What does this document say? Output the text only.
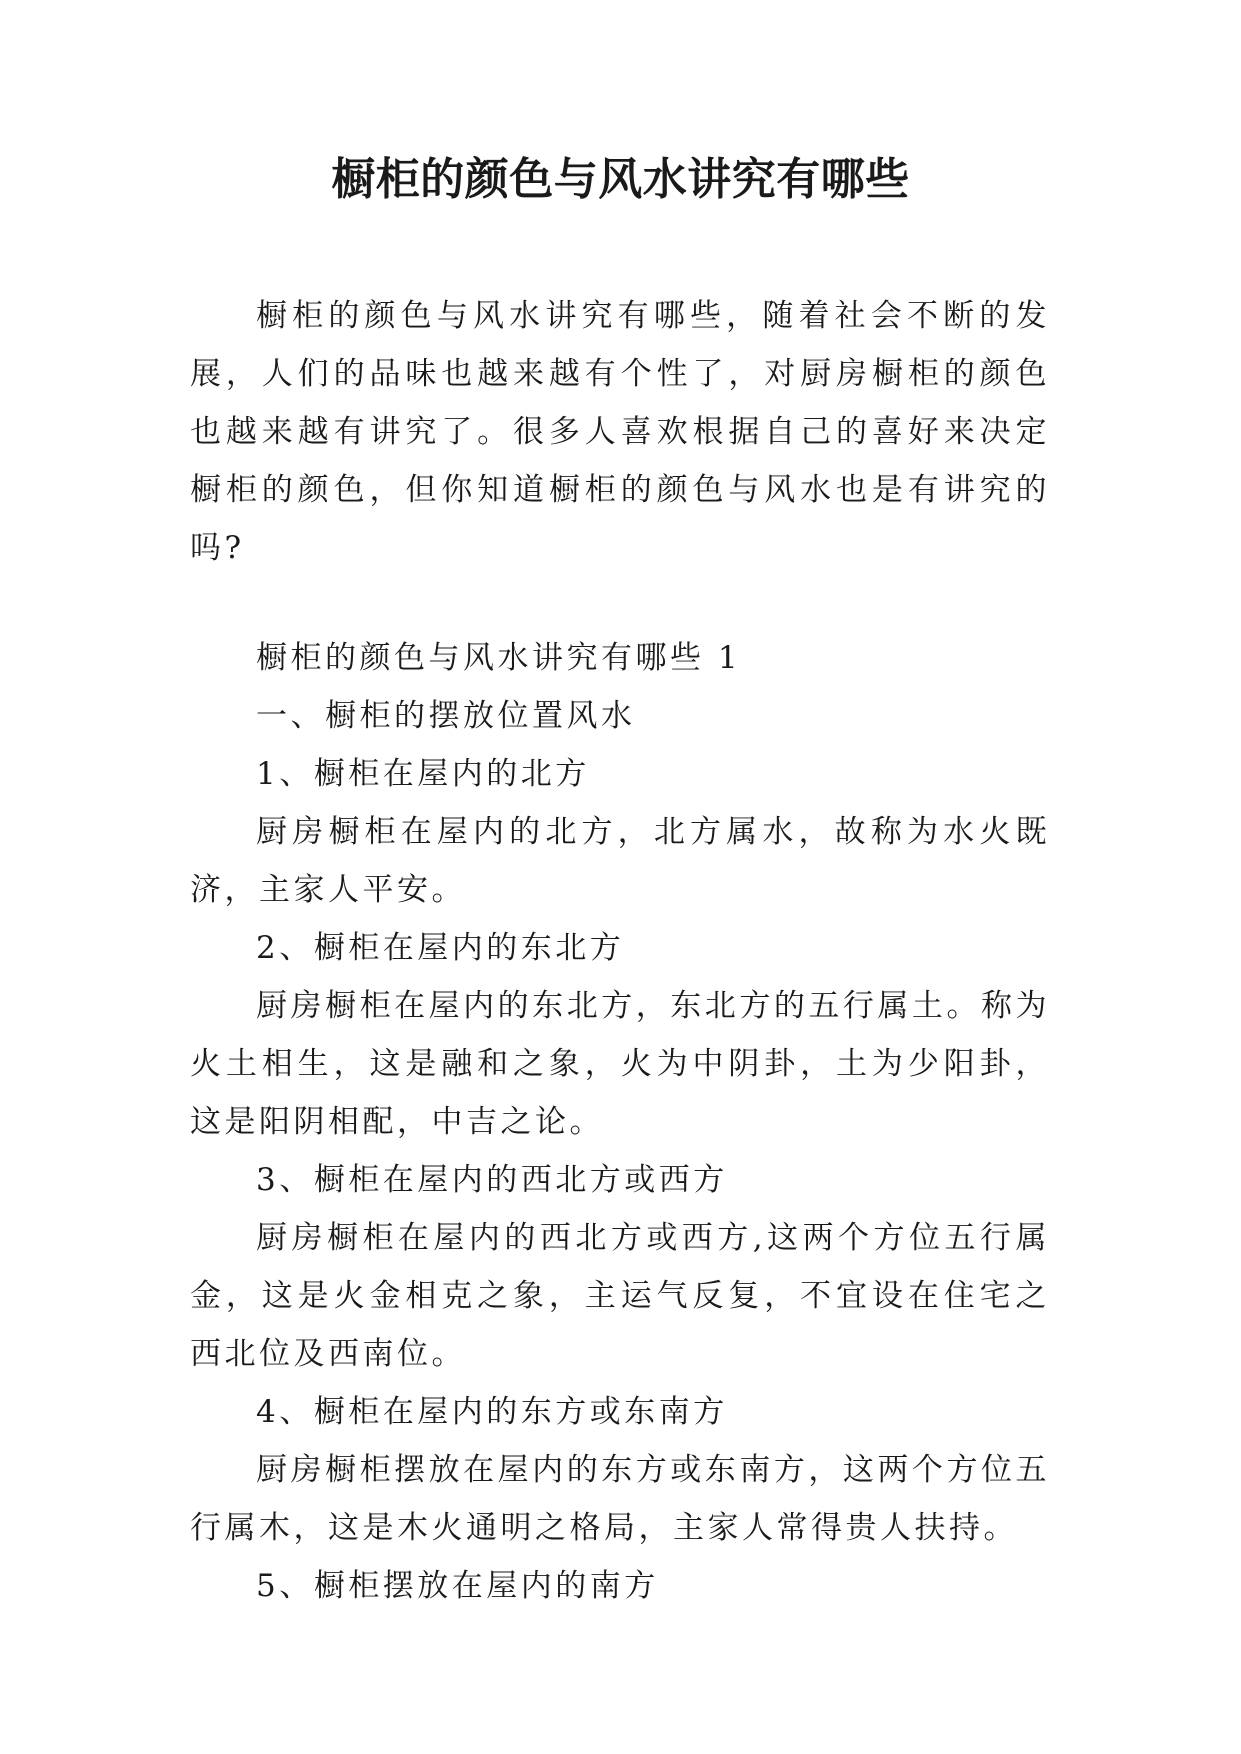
橱柜的颜色与风水讲究有哪些

橱柜的颜色与风水讲究有哪些，随着社会不断的发展，人们的品味也越来越有个性了，对厨房橱柜的颜色也越来越有讲究了。很多人喜欢根据自己的喜好来决定橱柜的颜色，但你知道橱柜的颜色与风水也是有讲究的吗?

橱柜的颜色与风水讲究有哪些 1

一、橱柜的摆放位置风水

1、橱柜在屋内的北方

厨房橱柜在屋内的北方，北方属水，故称为水火既济，主家人平安。

2、橱柜在屋内的东北方

厨房橱柜在屋内的东北方，东北方的五行属土。称为火土相生，这是融和之象，火为中阴卦，土为少阳卦，这是阳阴相配，中吉之论。

3、橱柜在屋内的西北方或西方

厨房橱柜在屋内的西北方或西方,这两个方位五行属金，这是火金相克之象，主运气反复，不宜设在住宅之西北位及西南位。

4、橱柜在屋内的东方或东南方

厨房橱柜摆放在屋内的东方或东南方，这两个方位五行属木，这是木火通明之格局，主家人常得贵人扶持。

5、橱柜摆放在屋内的南方
